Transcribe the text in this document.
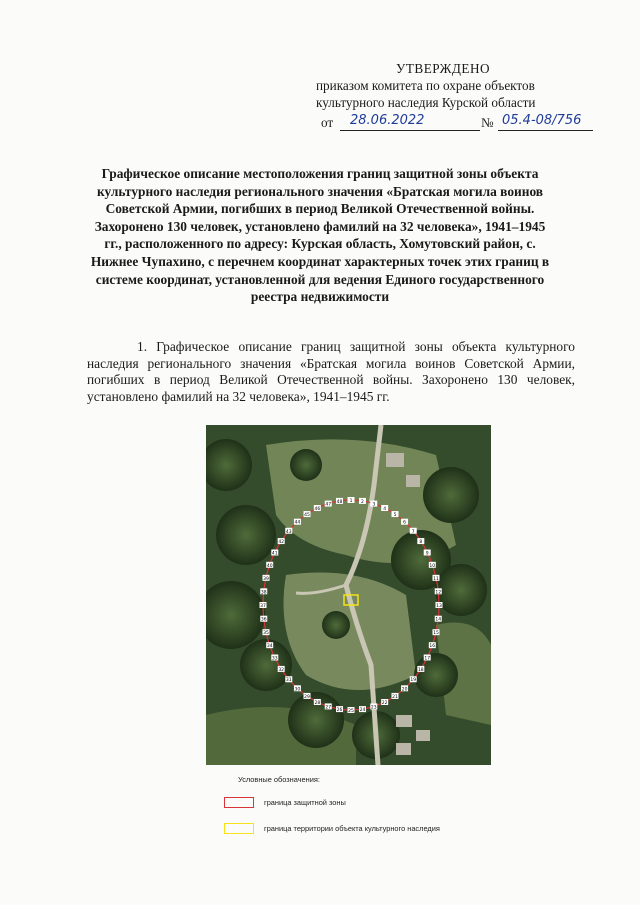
УТВЕРЖДЕНО
приказом комитета по охране объектов
культурного наследия Курской области
от 28.06.2022	№ 05.4-08/756
Графическое описание местоположения границ защитной зоны объекта культурного наследия регионального значения «Братская могила воинов Советской Армии, погибших в период Великой Отечественной войны. Захоронено 130 человек, установлено фамилий на 32 человека», 1941–1945 гг., расположенного по адресу: Курская область, Хомутовский район, с. Нижнее Чупахино, с перечнем координат характерных точек этих границ в системе координат, установленной для ведения Единого государственного реестра недвижимости
1. Графическое описание границ защитной зоны объекта культурного наследия регионального значения «Братская могила воинов Советской Армии, погибших в период Великой Отечественной войны. Захоронено 130 человек, установлено фамилий на 32 человека», 1941–1945 гг.
1 2
3
4
5
6
7
8
9
10
11
12
13
14
15
16
17
18
19
20
21
22
23
24
25
26
27
28
29
30
31
32
33
34
35
36
37
38
39
40
41
42
43
44
45
46
47
48
Условные обозначения:
граница защитной зоны
граница территории объекта культурного наследия
